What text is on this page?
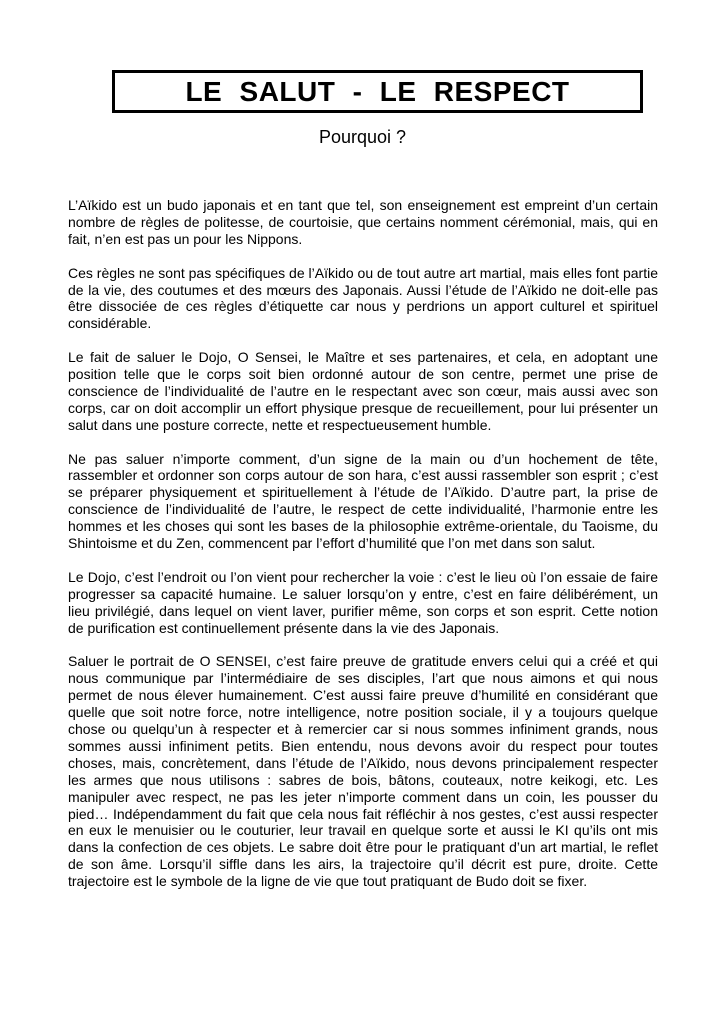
LE SALUT - LE RESPECT
Pourquoi ?

L’Aïkido est un budo japonais et en tant que tel, son enseignement est empreint d’un certain nombre de règles de politesse, de courtoisie, que certains nomment cérémonial, mais, qui en fait, n’en est pas un pour les Nippons.

Ces règles ne sont pas spécifiques de l’Aïkido ou de tout autre art martial, mais elles font partie de la vie, des coutumes et des mœurs des Japonais. Aussi l’étude de l’Aïkido ne doit-elle pas être dissociée de ces règles d’étiquette car nous y perdrions un apport culturel et spirituel considérable.

Le fait de saluer le Dojo, O Sensei, le Maître et ses partenaires, et cela, en adoptant une position telle que le corps soit bien ordonné autour de son centre, permet une prise de conscience de l’individualité de l’autre en le respectant avec son cœur, mais aussi avec son corps, car on doit accomplir un effort physique presque de recueillement, pour lui présenter un salut dans une posture correcte, nette et respectueusement humble.

Ne pas saluer n’importe comment, d’un signe de la main ou d’un hochement de tête, rassembler et ordonner son corps autour de son hara, c’est aussi rassembler son esprit ; c’est se préparer physiquement et spirituellement à l’étude de l’Aïkido. D’autre part, la prise de conscience de l’individualité de l’autre, le respect de cette individualité, l’harmonie entre les hommes et les choses qui sont les bases de la philosophie extrême-orientale, du Taoisme, du Shintoisme et du Zen, commencent par l’effort d’humilité que l’on met dans son salut.

Le Dojo, c’est l’endroit ou l’on vient pour rechercher la voie : c’est le lieu où l’on essaie de faire progresser sa capacité humaine. Le saluer lorsqu’on y entre, c’est en faire délibérément, un lieu privilégié, dans lequel on vient laver, purifier même, son corps et son esprit. Cette notion de purification est continuellement présente dans la vie des Japonais.

Saluer le portrait de O SENSEI, c’est faire preuve de gratitude envers celui qui a créé et qui nous communique par l’intermédiaire de ses disciples, l’art que nous aimons et qui nous permet de nous élever humainement. C’est aussi faire preuve d’humilité en considérant que quelle que soit notre force, notre intelligence, notre position sociale, il y a toujours quelque chose ou quelqu’un à respecter et à remercier car si nous sommes infiniment grands, nous sommes aussi infiniment petits. Bien entendu, nous devons avoir du respect pour toutes choses, mais, concrètement, dans l’étude de l’Aïkido, nous devons principalement respecter les armes que nous utilisons : sabres de bois, bâtons, couteaux, notre keikogi, etc. Les manipuler avec respect, ne pas les jeter n’importe comment dans un coin, les pousser du pied… Indépendamment du fait que cela nous fait réfléchir à nos gestes, c’est aussi respecter en eux le menuisier ou le couturier, leur travail en quelque sorte et aussi le KI qu’ils ont mis dans la confection de ces objets. Le sabre doit être pour le pratiquant d’un art martial, le reflet de son âme. Lorsqu’il siffle dans les airs, la trajectoire qu’il décrit est pure, droite. Cette trajectoire est le symbole de la ligne de vie que tout pratiquant de Budo doit se fixer.
